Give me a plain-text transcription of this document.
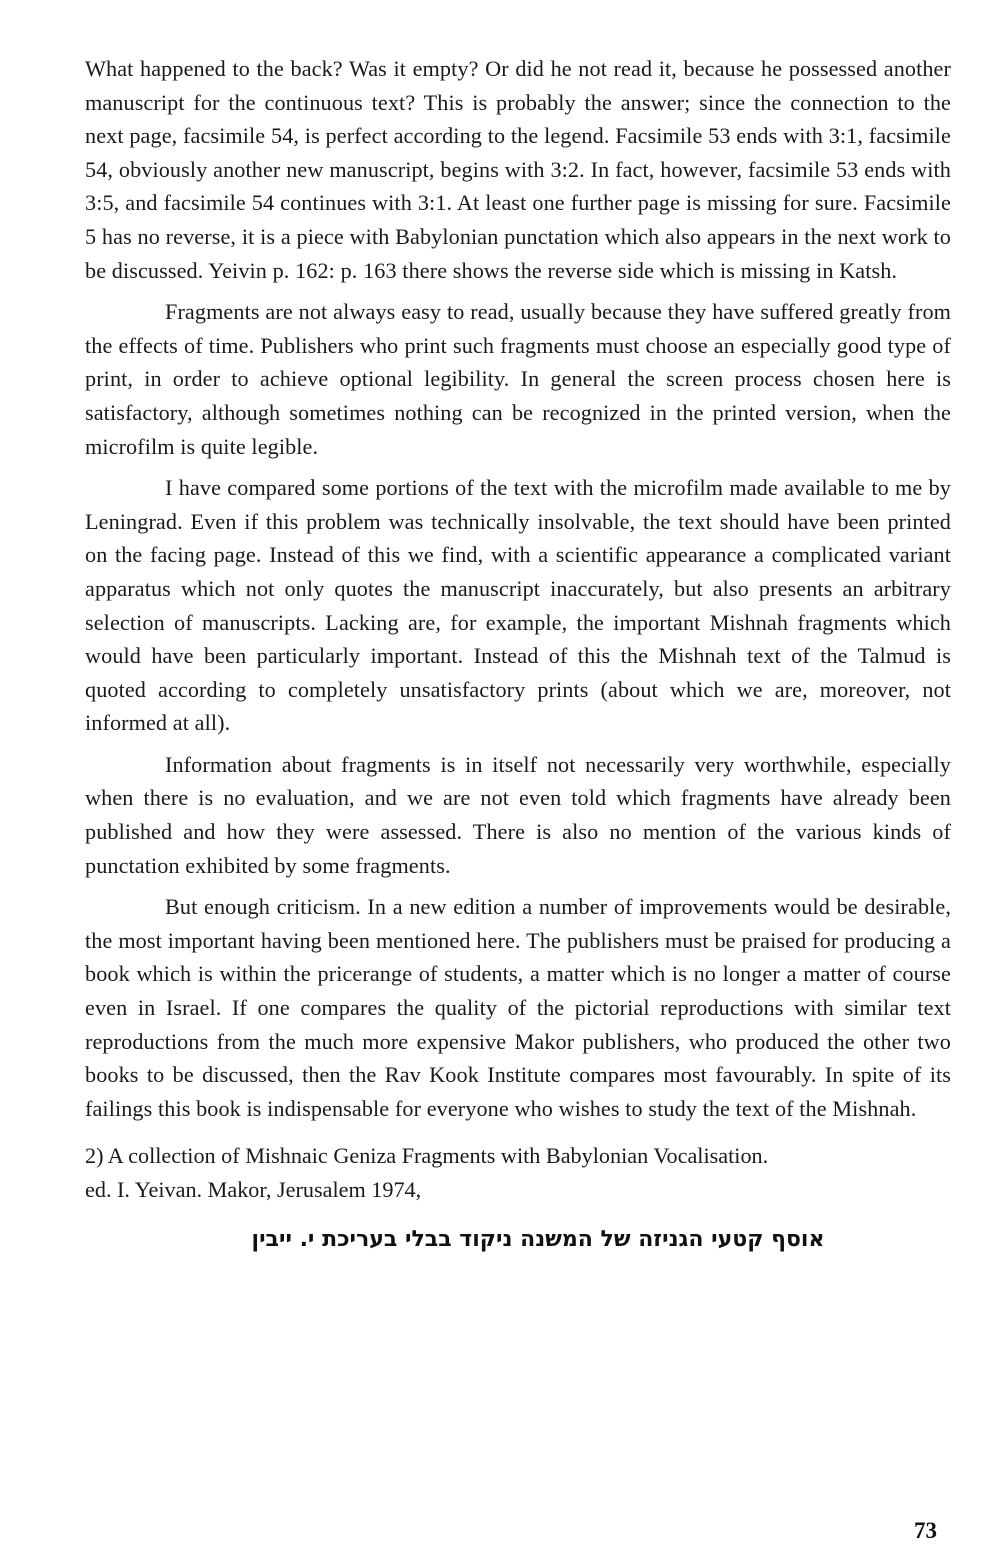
What happened to the back? Was it empty? Or did he not read it, because he possessed another manuscript for the continuous text? This is probably the answer; since the connection to the next page, facsimile 54, is perfect according to the legend. Facsimile 53 ends with 3:1, facsimile 54, obviously another new manuscript, begins with 3:2. In fact, however, facsimile 53 ends with 3:5, and facsimile 54 continues with 3:1. At least one further page is missing for sure. Facsimile 5 has no reverse, it is a piece with Babylonian punctation which also appears in the next work to be discussed. Yeivin p. 162: p. 163 there shows the reverse side which is missing in Katsh.

Fragments are not always easy to read, usually because they have suffered greatly from the effects of time. Publishers who print such fragments must choose an especially good type of print, in order to achieve optional legibility. In general the screen process chosen here is satisfactory, although sometimes nothing can be recognized in the printed version, when the microfilm is quite legible.

I have compared some portions of the text with the microfilm made available to me by Leningrad. Even if this problem was technically insolvable, the text should have been printed on the facing page. Instead of this we find, with a scientific appearance a complicated variant apparatus which not only quotes the manuscript inaccurately, but also presents an arbitrary selection of manuscripts. Lacking are, for example, the important Mishnah fragments which would have been particularly important. Instead of this the Mishnah text of the Talmud is quoted according to completely unsatisfactory prints (about which we are, moreover, not informed at all).

Information about fragments is in itself not necessarily very worthwhile, especially when there is no evaluation, and we are not even told which fragments have already been published and how they were assessed. There is also no mention of the various kinds of punctation exhibited by some fragments.

But enough criticism. In a new edition a number of improvements would be desirable, the most important having been mentioned here. The publishers must be praised for producing a book which is within the pricerange of students, a matter which is no longer a matter of course even in Israel. If one compares the quality of the pictorial reproductions with similar text reproductions from the much more expensive Makor publishers, who produced the other two books to be discussed, then the Rav Kook Institute compares most favourably. In spite of its failings this book is indispensable for everyone who wishes to study the text of the Mishnah.

2) A collection of Mishnaic Geniza Fragments with Babylonian Vocalisation.

ed. I. Yeivan. Makor, Jerusalem 1974,

אוסף קטעי הגניזה של המשנה ניקוד בבלי בעריכת י. ייבין
73
